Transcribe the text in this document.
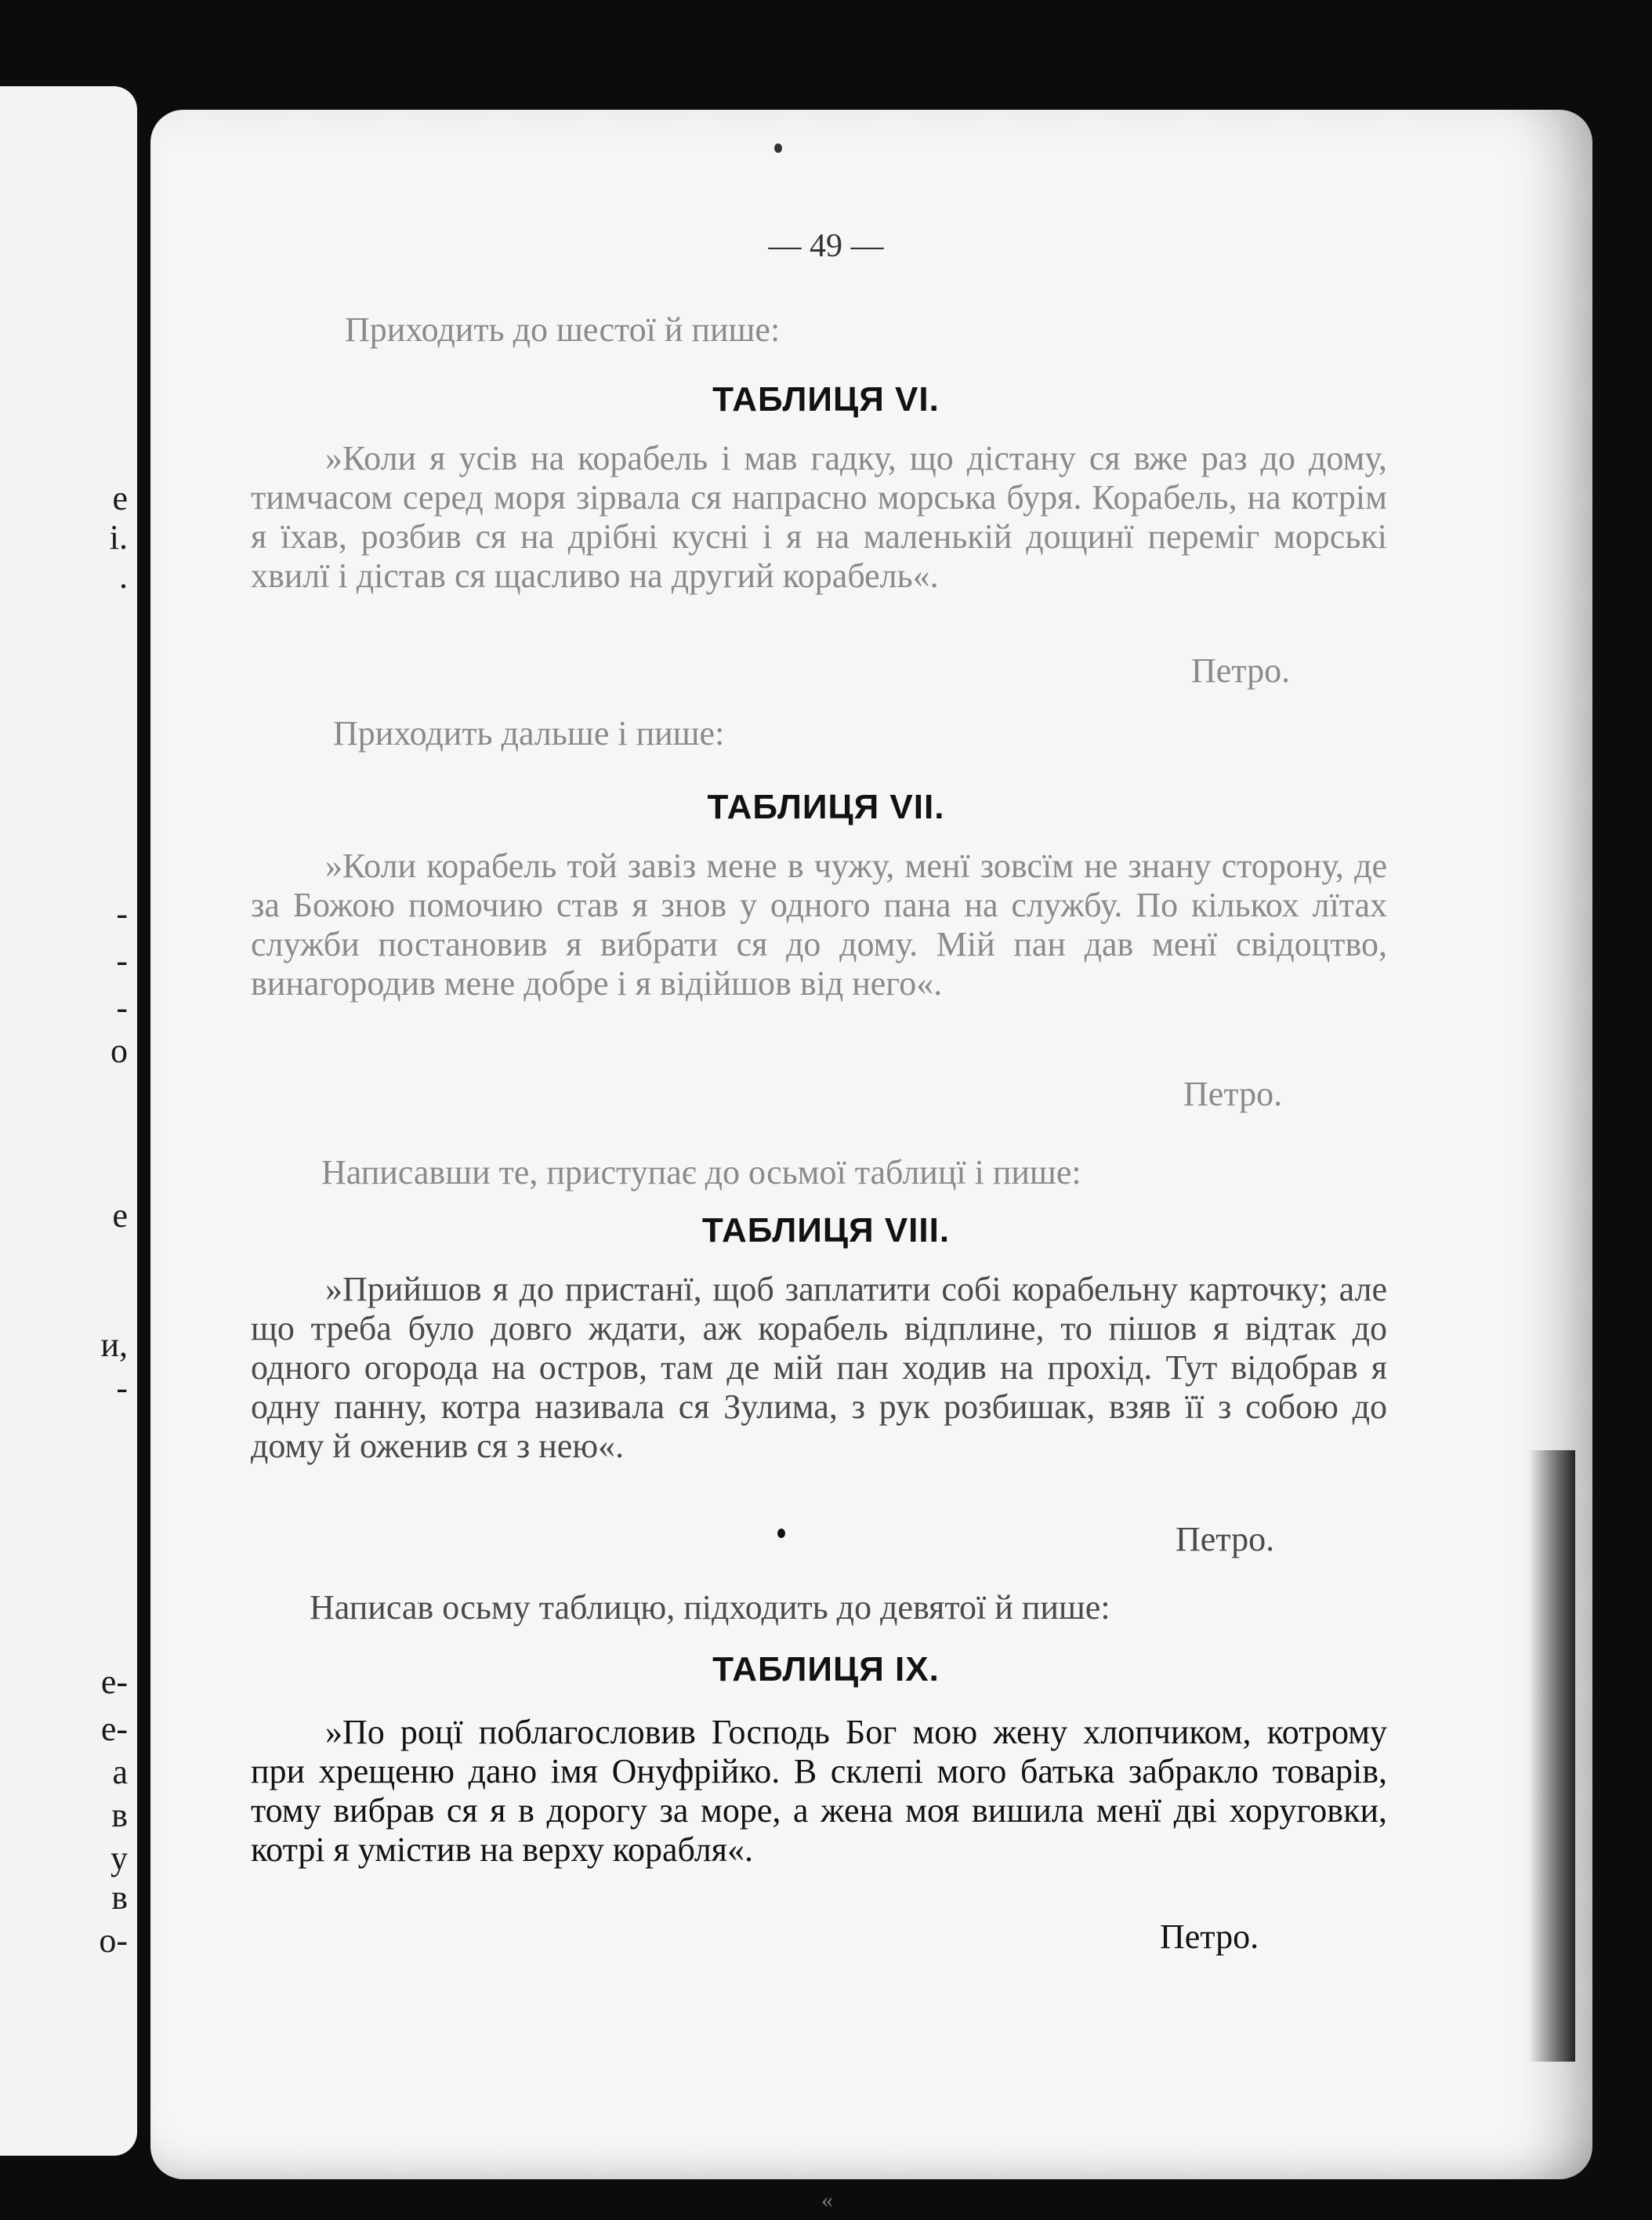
e
і.
.
-
-
-
о
e
и,
-
е-
е-
а
в
у
в
о-
— 49 —
Приходить до шестої й пише:
ТАБЛИЦЯ VI.
»Коли я усів на корабель і мав гадку, що дістану ся вже раз до дому, тимчасом серед моря зірвала ся напрасно морська буря. Корабель, на котрім я їхав, розбив ся на дрібні кусні і я на маленькій дощинї переміг морські хвилї і дістав ся щасливо на другий корабель«.
Петро.
Приходить дальше і пише:
ТАБЛИЦЯ VII.
»Коли корабель той завіз мене в чужу, менї зовсїм не знану сторону, де за Божою помочию став я знов у одного пана на службу. По кількох лїтах служби постановив я вибрати ся до дому. Мій пан дав менї свідоцтво, винагородив мене добре і я відійшов від него«.
Петро.
Написавши те, приступає до осьмої таблицї і пише:
ТАБЛИЦЯ VIII.
»Прийшов я до пристанї, щоб заплатити собі корабельну карточку; але що треба було довго ждати, аж корабель відплине, то пішов я відтак до одного огорода на остров, там де мій пан ходив на прохід. Тут відобрав я одну панну, котра називала ся Зулима, з рук розбишак, взяв її з собою до дому й оженив ся з нею«.
Петро.
Написав осьму таблицю, підходить до девятої й пише:
ТАБЛИЦЯ IX.
»По роцї поблагословив Господь Бог мою жену хлопчиком, котрому при хрещеню дано імя Онуфрійко. В склепі мого батька забракло товарів, тому вибрав ся я в дорогу за море, а жена моя вишила менї дві хоруговки, котрі я умістив на верху корабля«.
Петро.
«
